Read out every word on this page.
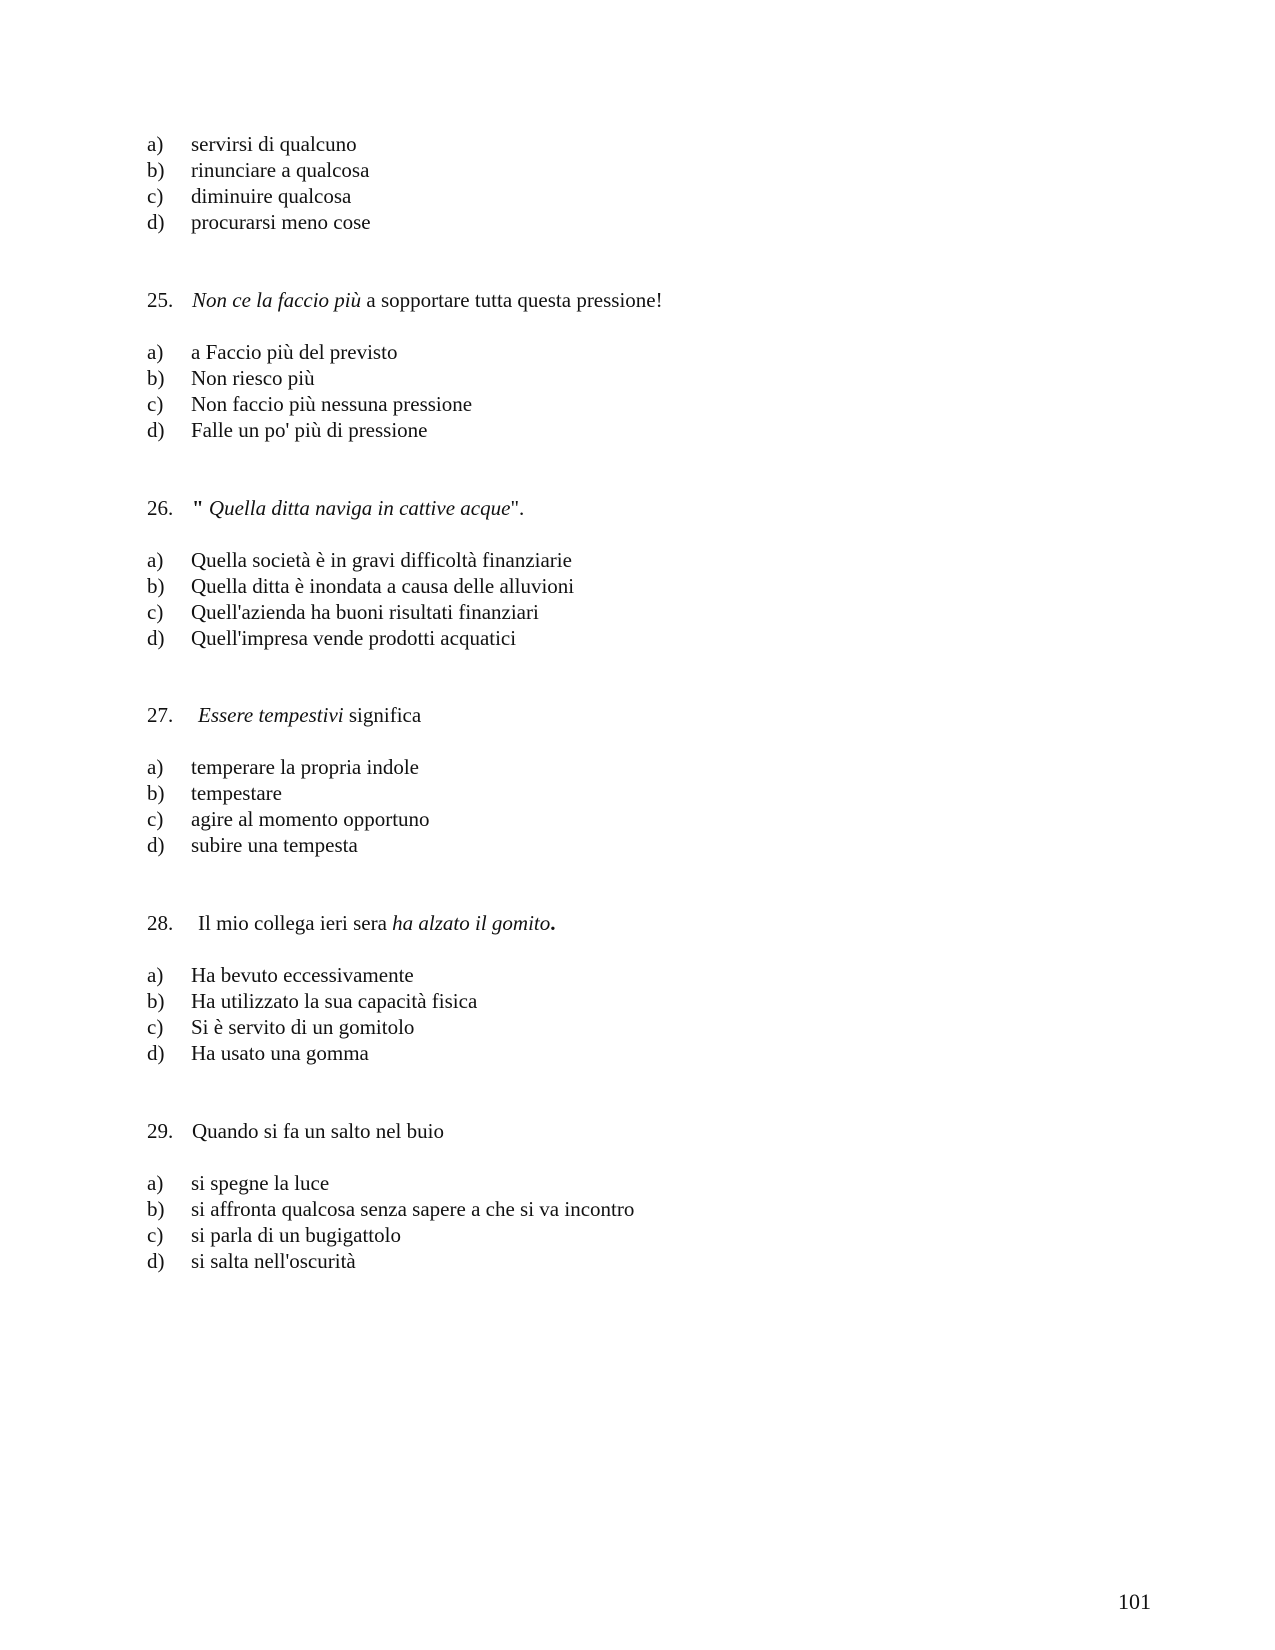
a)	servirsi di qualcuno
b)	rinunciare a qualcosa
c)	diminuire qualcosa
d)	procurarsi meno cose
25. Non ce la faccio più a sopportare tutta questa pressione!
a)	a Faccio più del previsto
b)	Non riesco più
c)	Non faccio più nessuna pressione
d)	Falle un po' più di pressione
26. " Quella ditta naviga in cattive acque".
a)	Quella società è in gravi difficoltà finanziarie
b)	Quella ditta è inondata a causa delle alluvioni
c)	Quell'azienda ha buoni risultati finanziari
d)	Quell'impresa vende prodotti acquatici
27. Essere tempestivi significa
a)	temperare la propria indole
b)	tempestare
c)	agire al momento opportuno
d)	subire una tempesta
28. Il mio collega ieri sera ha alzato il gomito.
a)	Ha bevuto eccessivamente
b)	Ha utilizzato la sua capacità fisica
c)	Si è servito di un gomitolo
d)	Ha usato una gomma
29. Quando si fa un salto nel buio
a)	si spegne la luce
b)	si affronta qualcosa senza sapere a che si va incontro
c)	si parla di un bugigattolo
d)	si salta nell'oscurità
101
